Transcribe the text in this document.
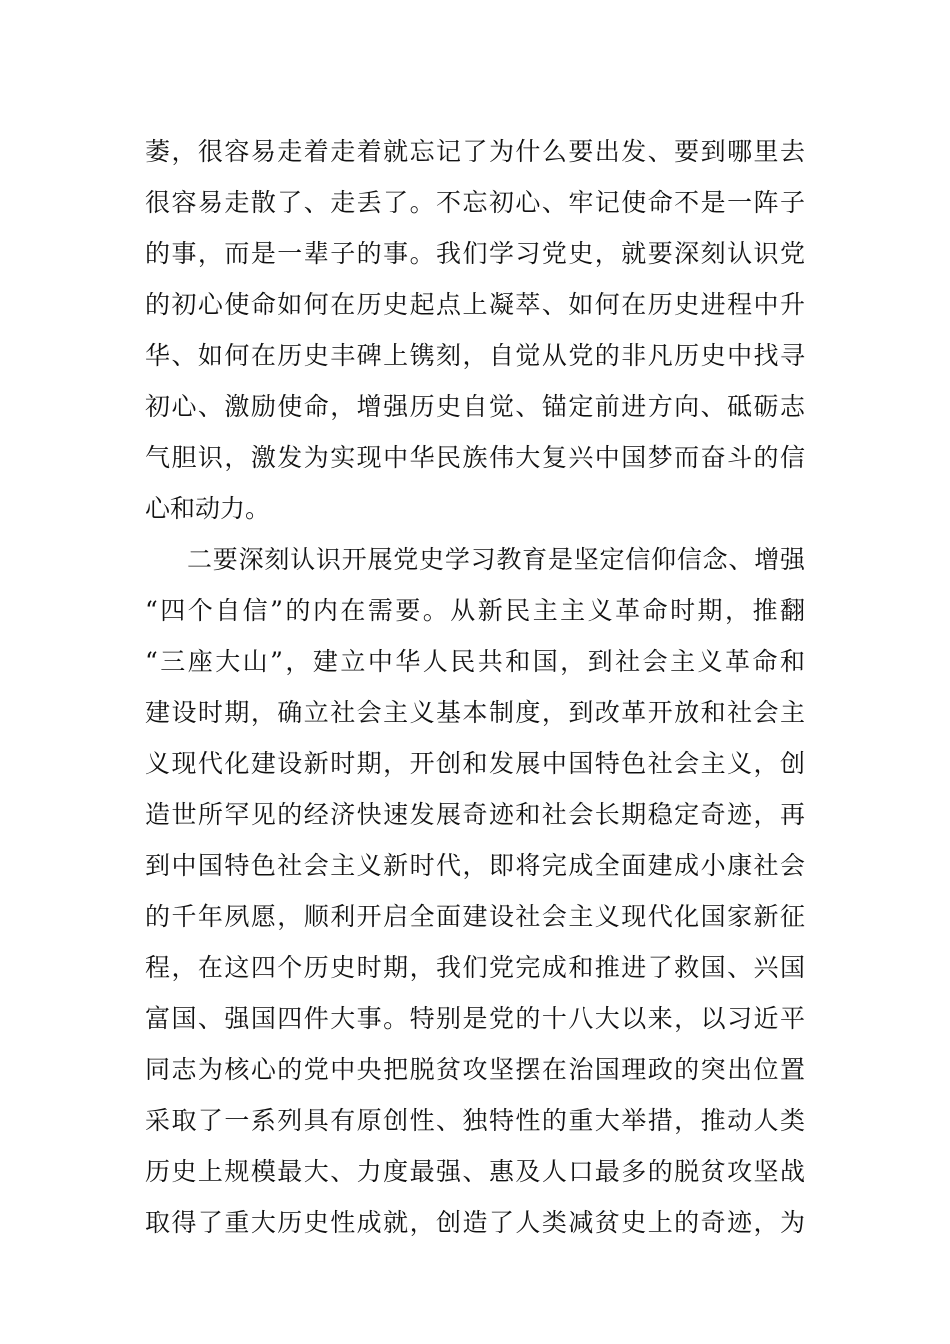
萎，很容易走着走着就忘记了为什么要出发、要到哪里去
很容易走散了、走丢了。不忘初心、牢记使命不是一阵子
的事，而是一辈子的事。我们学习党史，就要深刻认识党
的初心使命如何在历史起点上凝萃、如何在历史进程中升
华、如何在历史丰碑上镌刻，自觉从党的非凡历史中找寻
初心、激励使命，增强历史自觉、锚定前进方向、砥砺志
气胆识，激发为实现中华民族伟大复兴中国梦而奋斗的信
心和动力。
二要深刻认识开展党史学习教育是坚定信仰信念、增强
“四个自信”的内在需要。从新民主主义革命时期，推翻
“三座大山”，建立中华人民共和国，到社会主义革命和
建设时期，确立社会主义基本制度，到改革开放和社会主
义现代化建设新时期，开创和发展中国特色社会主义，创
造世所罕见的经济快速发展奇迹和社会长期稳定奇迹，再
到中国特色社会主义新时代，即将完成全面建成小康社会
的千年夙愿，顺利开启全面建设社会主义现代化国家新征
程，在这四个历史时期，我们党完成和推进了救国、兴国
富国、强国四件大事。特别是党的十八大以来，以习近平
同志为核心的党中央把脱贫攻坚摆在治国理政的突出位置
采取了一系列具有原创性、独特性的重大举措，推动人类
历史上规模最大、力度最强、惠及人口最多的脱贫攻坚战
取得了重大历史性成就，创造了人类减贫史上的奇迹，为
